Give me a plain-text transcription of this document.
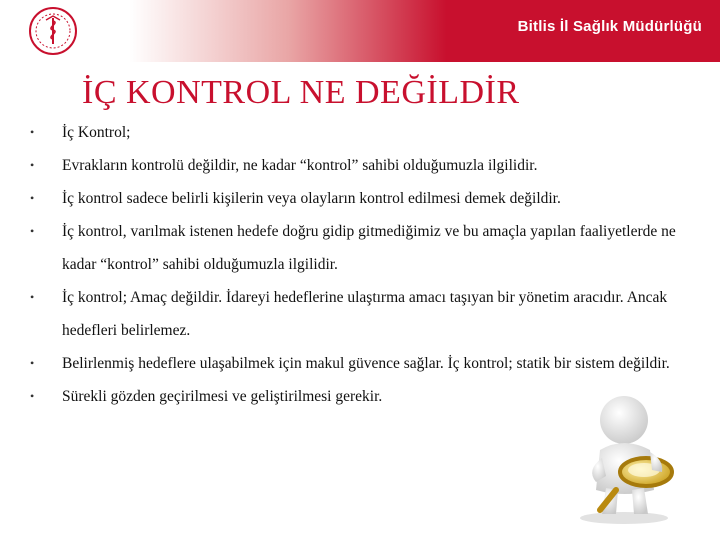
Bitlis İl Sağlık Müdürlüğü
İÇ KONTROL NE DEĞİLDİR
• İç Kontrol;
• Evrakların kontrolü değildir, ne kadar “kontrol” sahibi olduğumuzla ilgilidir.
• İç kontrol sadece belirli kişilerin veya olayların kontrol edilmesi demek değildir.
• İç kontrol, varılmak istenen hedefe doğru gidip gitmediğimiz ve bu amaçla yapılan faaliyetlerde ne kadar “kontrol” sahibi olduğumuzla ilgilidir.
• İç kontrol; Amaç değildir. İdareyi hedeflerine ulaştırma amacı taşıyan bir yönetim aracıdır. Ancak hedefleri belirlemez.
• Belirlenmiş hedeflere ulaşabilmek için makul güvence sağlar. İç kontrol; statik bir sistem değildir.
• Sürekli gözden geçirilmesi ve geliştirilmesi gerekir.
